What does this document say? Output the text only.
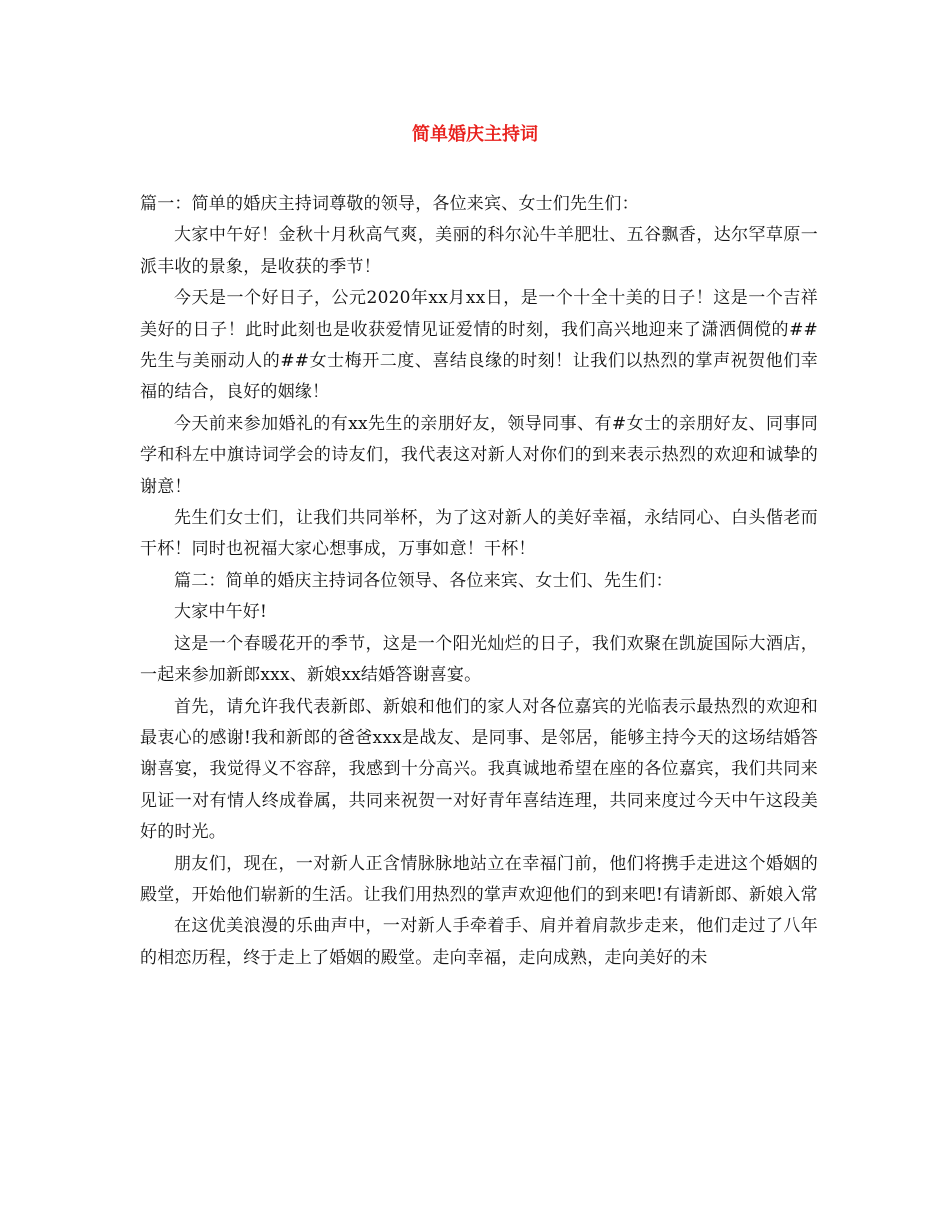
简单婚庆主持词

篇一：简单的婚庆主持词尊敬的领导，各位来宾、女士们先生们：

大家中午好！金秋十月秋高气爽，美丽的科尔沁牛羊肥壮、五谷飘香，达尔罕草原一派丰收的景象，是收获的季节！

今天是一个好日子，公元2020年xx月xx日，是一个十全十美的日子！这是一个吉祥美好的日子！此时此刻也是收获爱情见证爱情的时刻，我们高兴地迎来了潇洒倜傥的##先生与美丽动人的##女士梅开二度、喜结良缘的时刻！让我们以热烈的掌声祝贺他们幸福的结合，良好的姻缘！

今天前来参加婚礼的有xx先生的亲朋好友，领导同事、有#女士的亲朋好友、同事同学和科左中旗诗词学会的诗友们，我代表这对新人对你们的到来表示热烈的欢迎和诚挚的谢意！

先生们女士们，让我们共同举杯，为了这对新人的美好幸福，永结同心、白头偕老而干杯！同时也祝福大家心想事成，万事如意！干杯！

篇二：简单的婚庆主持词各位领导、各位来宾、女士们、先生们：

大家中午好!

这是一个春暖花开的季节，这是一个阳光灿烂的日子，我们欢聚在凯旋国际大酒店，一起来参加新郎xxx、新娘xx结婚答谢喜宴。

首先，请允许我代表新郎、新娘和他们的家人对各位嘉宾的光临表示最热烈的欢迎和最衷心的感谢!我和新郎的爸爸xxx是战友、是同事、是邻居，能够主持今天的这场结婚答谢喜宴，我觉得义不容辞，我感到十分高兴。我真诚地希望在座的各位嘉宾，我们共同来见证一对有情人终成眷属，共同来祝贺一对好青年喜结连理，共同来度过今天中午这段美好的时光。

朋友们，现在，一对新人正含情脉脉地站立在幸福门前，他们将携手走进这个婚姻的殿堂，开始他们崭新的生活。让我们用热烈的掌声欢迎他们的到来吧!有请新郎、新娘入常

在这优美浪漫的乐曲声中，一对新人手牵着手、肩并着肩款步走来，他们走过了八年的相恋历程，终于走上了婚姻的殿堂。走向幸福，走向成熟，走向美好的未
